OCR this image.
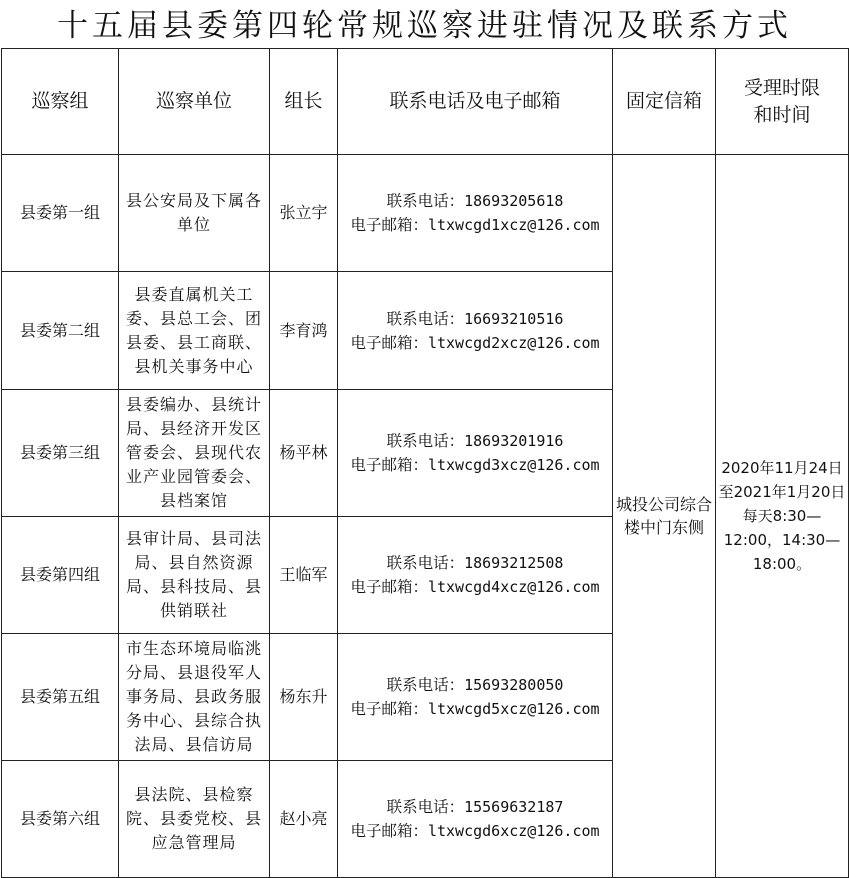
十五届县委第四轮常规巡察进驻情况及联系方式
巡察组	巡察单位	组长	联系电话及电子邮箱	固定信箱	受理时限
和时间

县委第一组	县公安局及下属各单位	张立宇	联系电话：18693205618
电子邮箱：ltxwcgd1xcz@126.com	城投公司综合楼中门东侧	2020年11月24日至2021年1月20日每天8:30—12:00，14:30—18:00。
县委第二组	县委直属机关工委、县总工会、团县委、县工商联、县机关事务中心	李育鸿	联系电话：16693210516
电子邮箱：ltxwcgd2xcz@126.com		

县委第三组	县委编办、县统计局、县经济开发区管委会、县现代农业产业园管委会、县档案馆	杨平林	联系电话：18693201916
电子邮箱：ltxwcgd3xcz@126.com		

县委第四组	县审计局、县司法局、县自然资源局、县科技局、县供销联社	王临军	联系电话：18693212508
电子邮箱：ltxwcgd4xcz@126.com		

县委第五组	市生态环境局临洮分局、县退役军人事务局、县政务服务中心、县综合执法局、县信访局	杨东升	联系电话：15693280050
电子邮箱：ltxwcgd5xcz@126.com		

县委第六组	县法院、县检察院、县委党校、县应急管理局	赵小亮	联系电话：15569632187
电子邮箱：ltxwcgd6xcz@126.com		
